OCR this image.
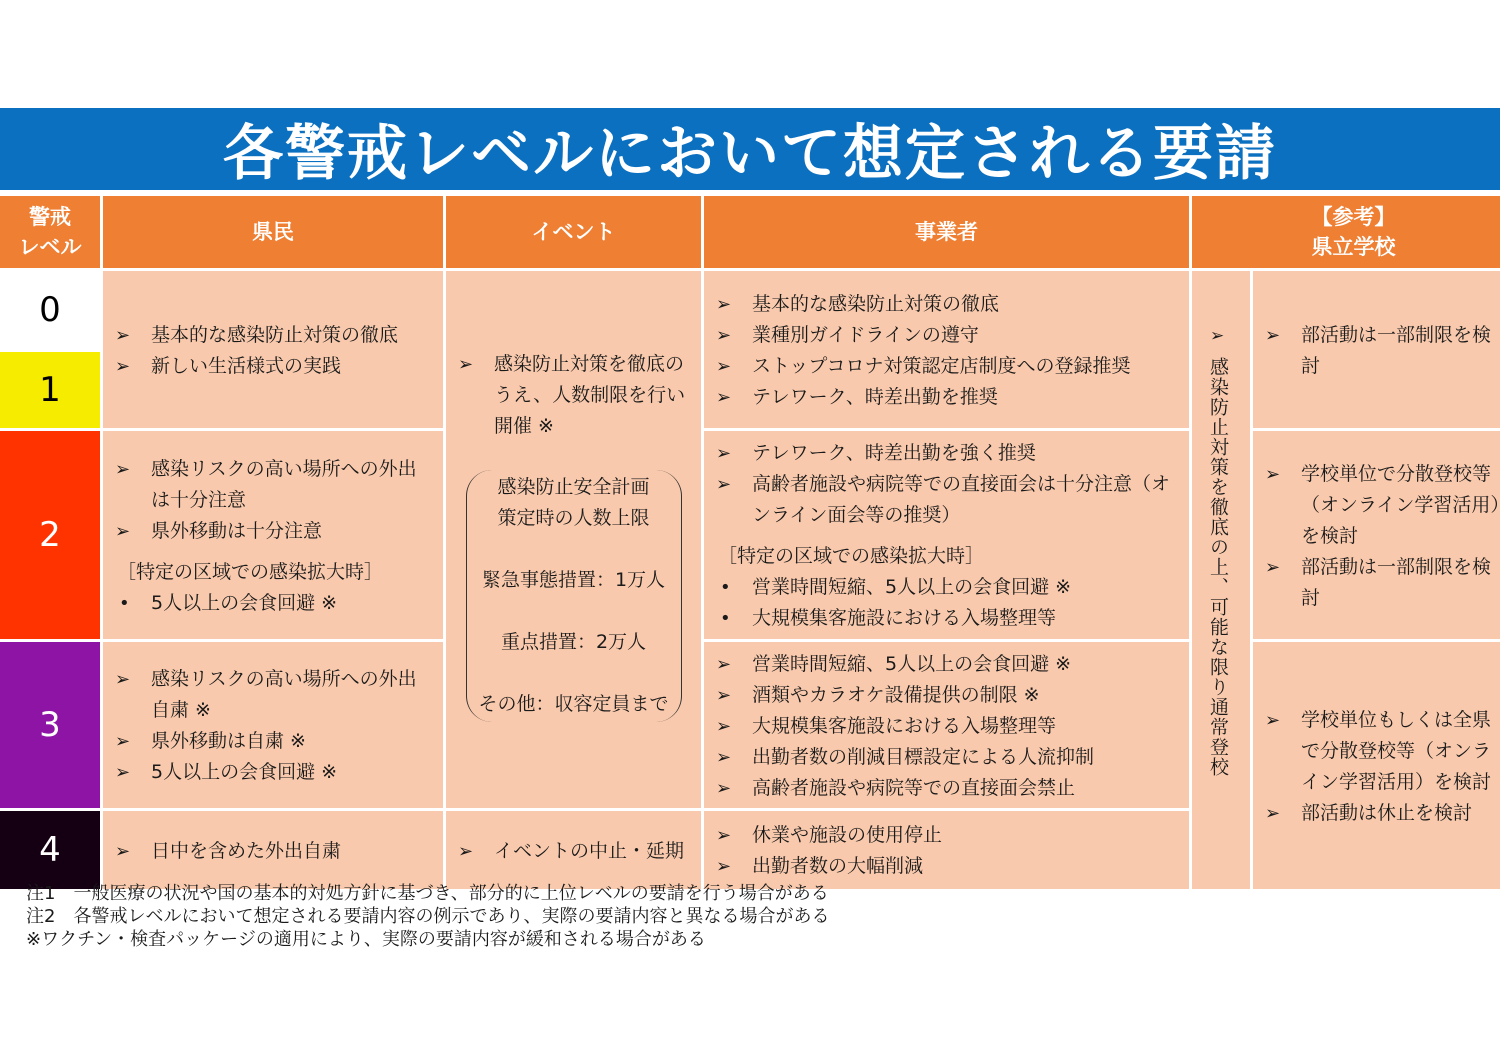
各警戒レベルにおいて想定される要請
警戒
レベル
県民	イベント	事業者
【参考】
県立学校
0
1
2
3
4
➢ 基本的な感染防止対策の徹底
➢ 新しい生活様式の実践
➢ 感染リスクの高い場所への外出は十分注意
➢ 県外移動は十分注意
［特定の区域での感染拡大時］
• 5人以上の会食回避 ※
➢ 感染リスクの高い場所への外出自粛 ※
➢ 県外移動は自粛 ※
➢ 5人以上の会食回避 ※
➢ 日中を含めた外出自粛
➢ 感染防止対策を徹底のうえ、人数制限を行い開催 ※
感染防止安全計画
策定時の人数上限
緊急事態措置：1万人
重点措置：2万人
その他：収容定員まで
➢ イベントの中止・延期
➢ 基本的な感染防止対策の徹底
➢ 業種別ガイドラインの遵守
➢ ストップコロナ対策認定店制度への登録推奨
➢ テレワーク、時差出勤を推奨
➢ テレワーク、時差出勤を強く推奨
➢ 高齢者施設や病院等での直接面会は十分注意（オンライン面会等の推奨）
［特定の区域での感染拡大時］
• 営業時間短縮、5人以上の会食回避 ※
• 大規模集客施設における入場整理等
➢ 営業時間短縮、5人以上の会食回避 ※
➢ 酒類やカラオケ設備提供の制限 ※
➢ 大規模集客施設における入場整理等
➢ 出勤者数の削減目標設定による人流抑制
➢ 高齢者施設や病院等での直接面会禁止
➢ 休業や施設の使用停止
➢ 出勤者数の大幅削減
➢
感染防止対策を徹底の上、可能な限り通常登校
➢ 部活動は一部制限を検討
➢ 学校単位で分散登校等（オンライン学習活用）を検討
➢ 部活動は一部制限を検討
➢ 学校単位もしくは全県で分散登校等（オンライン学習活用）を検討
➢ 部活動は休止を検討
注1　一般医療の状況や国の基本的対処方針に基づき、部分的に上位レベルの要請を行う場合がある
注2　各警戒レベルにおいて想定される要請内容の例示であり、実際の要請内容と異なる場合がある
※ワクチン・検査パッケージの適用により、実際の要請内容が緩和される場合がある
